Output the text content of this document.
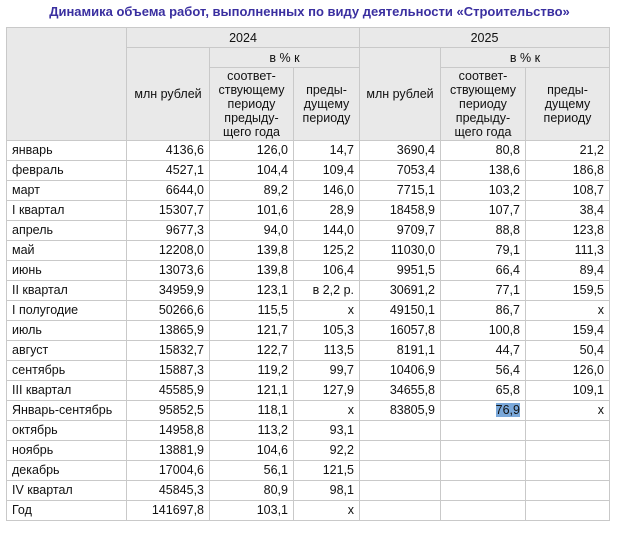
Динамика объема работ, выполненных по виду деятельности «Строительство»
	2024			2025		
	млн рублей	в % к		млн рублей	в % к	
		соответ-ствующему периоду предыду-щего года	преды-дущему периоду		соответ-ствующему периоду предыду-щего года	преды-дущему периоду
январь	4136,6	126,0	14,7	3690,4	80,8	21,2
февраль	4527,1	104,4	109,4	7053,4	138,6	186,8
март	6644,0	89,2	146,0	7715,1	103,2	108,7
I квартал	15307,7	101,6	28,9	18458,9	107,7	38,4
апрель	9677,3	94,0	144,0	9709,7	88,8	123,8
май	12208,0	139,8	125,2	11030,0	79,1	111,3
июнь	13073,6	139,8	106,4	9951,5	66,4	89,4
II квартал	34959,9	123,1	в 2,2 р.	30691,2	77,1	159,5
I полугодие	50266,6	115,5	х	49150,1	86,7	х
июль	13865,9	121,7	105,3	16057,8	100,8	159,4
август	15832,7	122,7	113,5	8191,1	44,7	50,4
сентябрь	15887,3	119,2	99,7	10406,9	56,4	126,0
III квартал	45585,9	121,1	127,9	34655,8	65,8	109,1
Январь-сентябрь	95852,5	118,1	х	83805,9	76,9	х
октябрь	14958,8	113,2	93,1			
ноябрь	13881,9	104,6	92,2			
декабрь	17004,6	56,1	121,5			
IV квартал	45845,3	80,9	98,1			
Год	141697,8	103,1	х			
